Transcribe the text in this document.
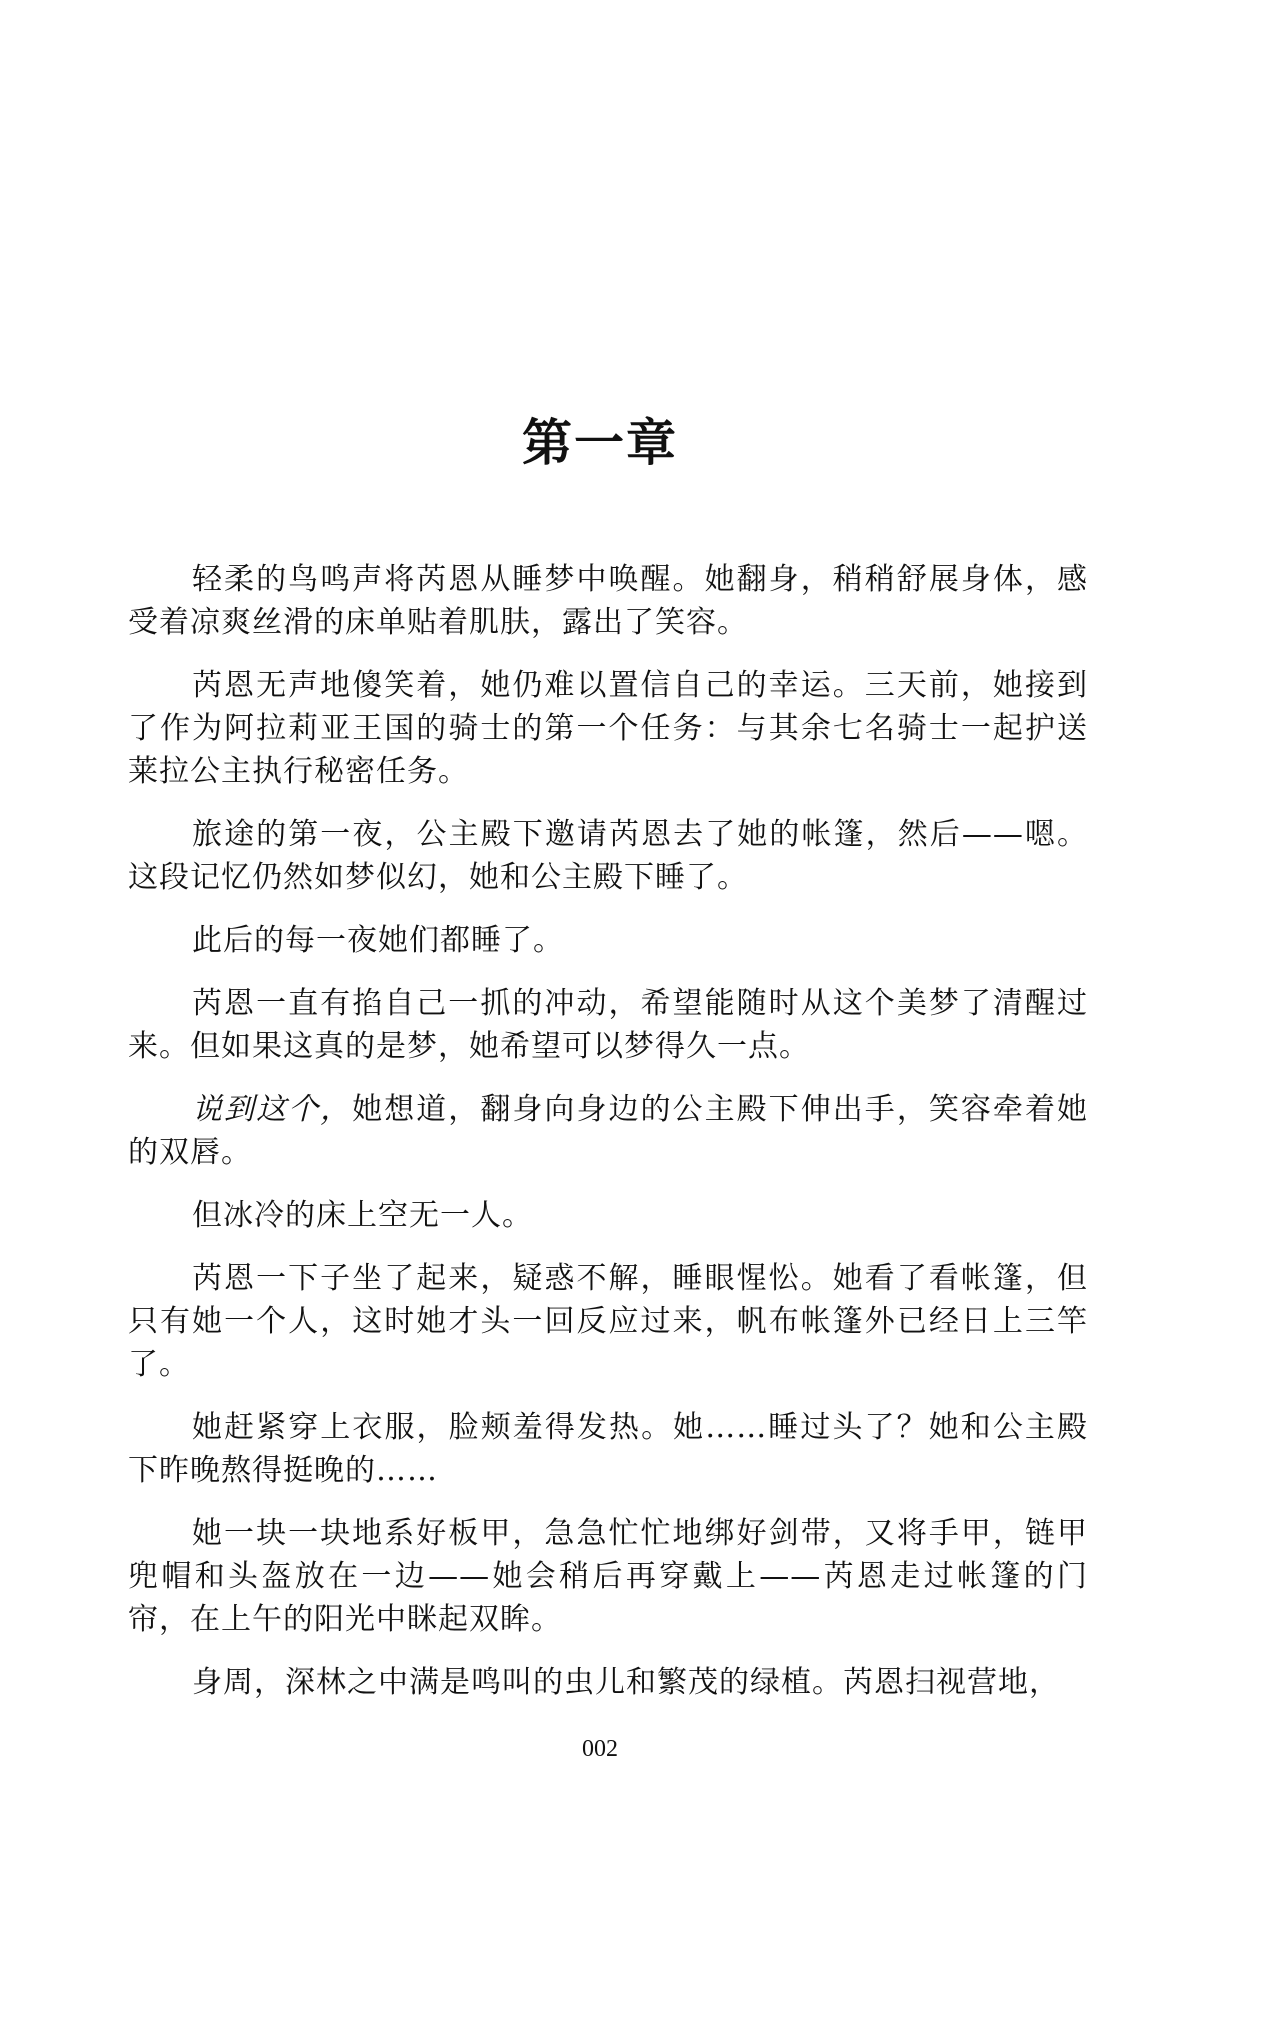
第一章

轻柔的鸟鸣声将芮恩从睡梦中唤醒。她翻身，稍稍舒展身体，感受着凉爽丝滑的床单贴着肌肤，露出了笑容。

芮恩无声地傻笑着，她仍难以置信自己的幸运。三天前，她接到了作为阿拉莉亚王国的骑士的第一个任务：与其余七名骑士一起护送莱拉公主执行秘密任务。

旅途的第一夜，公主殿下邀请芮恩去了她的帐篷，然后——嗯。这段记忆仍然如梦似幻，她和公主殿下睡了。

此后的每一夜她们都睡了。

芮恩一直有掐自己一抓的冲动，希望能随时从这个美梦了清醒过来。但如果这真的是梦，她希望可以梦得久一点。

说到这个，她想道，翻身向身边的公主殿下伸出手，笑容牵着她的双唇。

但冰冷的床上空无一人。

芮恩一下子坐了起来，疑惑不解，睡眼惺忪。她看了看帐篷，但只有她一个人，这时她才头一回反应过来，帆布帐篷外已经日上三竿了。

她赶紧穿上衣服，脸颊羞得发热。她……睡过头了？她和公主殿下昨晚熬得挺晚的……

她一块一块地系好板甲，急急忙忙地绑好剑带，又将手甲，链甲兜帽和头盔放在一边——她会稍后再穿戴上——芮恩走过帐篷的门帘，在上午的阳光中眯起双眸。

身周，深林之中满是鸣叫的虫儿和繁茂的绿植。芮恩扫视营地，

002
